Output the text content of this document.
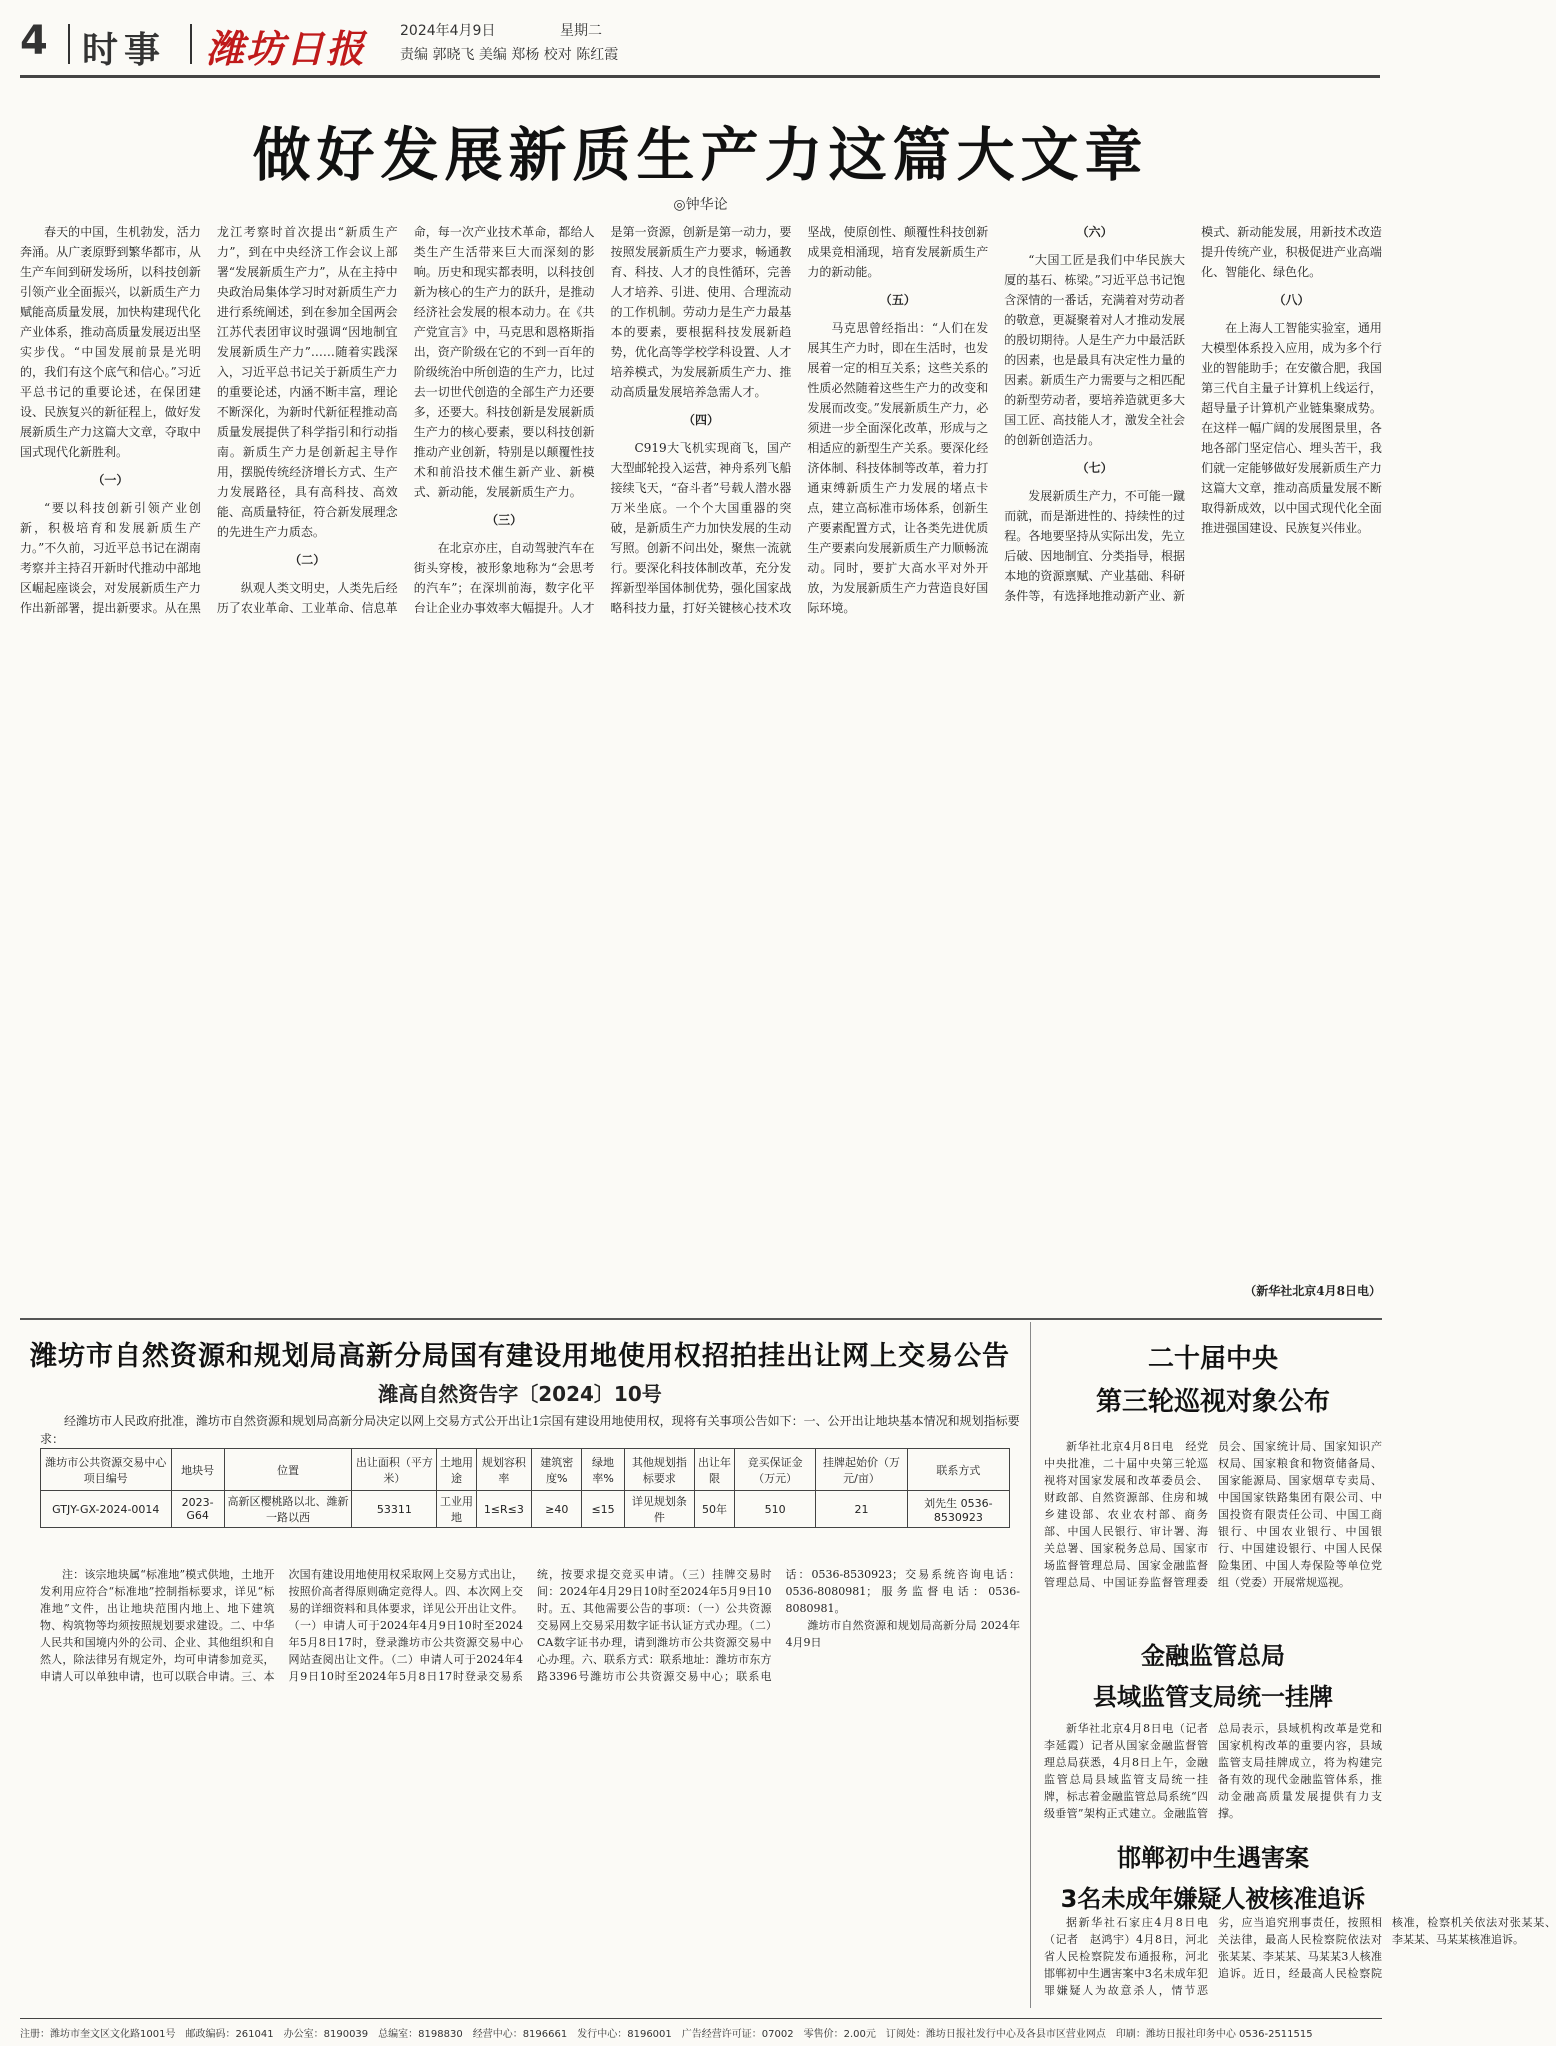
4 时事 潍坊日报 2024年4月9日	星期二
责编 郭晓飞 美编 郑杨 校对 陈红霞
做好发展新质生产力这篇大文章
◎钟华论

春天的中国，生机勃发，活力奔涌。从广袤原野到繁华都市，从生产车间到研发场所，以科技创新引领产业全面振兴，以新质生产力赋能高质量发展，加快构建现代化产业体系，推动高质量发展迈出坚实步伐。“中国发展前景是光明的，我们有这个底气和信心。”习近平总书记的重要论述，在保团建设、民族复兴的新征程上，做好发展新质生产力这篇大文章，夺取中国式现代化新胜利。

（一）

“要以科技创新引领产业创新，积极培育和发展新质生产力。”不久前，习近平总书记在湖南考察并主持召开新时代推动中部地区崛起座谈会，对发展新质生产力作出新部署，提出新要求。从在黑龙江考察时首次提出“新质生产力”，到在中央经济工作会议上部署“发展新质生产力”，从在主持中央政治局集体学习时对新质生产力进行系统阐述，到在参加全国两会江苏代表团审议时强调“因地制宜发展新质生产力”……随着实践深入，习近平总书记关于新质生产力的重要论述，内涵不断丰富，理论不断深化，为新时代新征程推动高质量发展提供了科学指引和行动指南。新质生产力是创新起主导作用，摆脱传统经济增长方式、生产力发展路径，具有高科技、高效能、高质量特征，符合新发展理念的先进生产力质态。

（二）

纵观人类文明史，人类先后经历了农业革命、工业革命、信息革命，每一次产业技术革命，都给人类生产生活带来巨大而深刻的影响。历史和现实都表明，以科技创新为核心的生产力的跃升，是推动经济社会发展的根本动力。在《共产党宣言》中，马克思和恩格斯指出，资产阶级在它的不到一百年的阶级统治中所创造的生产力，比过去一切世代创造的全部生产力还要多，还要大。科技创新是发展新质生产力的核心要素，要以科技创新推动产业创新，特别是以颠覆性技术和前沿技术催生新产业、新模式、新动能，发展新质生产力。

（三）

在北京亦庄，自动驾驶汽车在街头穿梭，被形象地称为“会思考的汽车”；在深圳前海，数字化平台让企业办事效率大幅提升。人才是第一资源，创新是第一动力，要按照发展新质生产力要求，畅通教育、科技、人才的良性循环，完善人才培养、引进、使用、合理流动的工作机制。劳动力是生产力最基本的要素，要根据科技发展新趋势，优化高等学校学科设置、人才培养模式，为发展新质生产力、推动高质量发展培养急需人才。

（四）

C919大飞机实现商飞，国产大型邮轮投入运营，神舟系列飞船接续飞天，“奋斗者”号载人潜水器万米坐底。一个个大国重器的突破，是新质生产力加快发展的生动写照。创新不问出处，聚焦一流就行。要深化科技体制改革，充分发挥新型举国体制优势，强化国家战略科技力量，打好关键核心技术攻坚战，使原创性、颠覆性科技创新成果竞相涌现，培育发展新质生产力的新动能。

（五）

马克思曾经指出：“人们在发展其生产力时，即在生活时，也发展着一定的相互关系；这些关系的性质必然随着这些生产力的改变和发展而改变。”发展新质生产力，必须进一步全面深化改革，形成与之相适应的新型生产关系。要深化经济体制、科技体制等改革，着力打通束缚新质生产力发展的堵点卡点，建立高标准市场体系，创新生产要素配置方式，让各类先进优质生产要素向发展新质生产力顺畅流动。同时，要扩大高水平对外开放，为发展新质生产力营造良好国际环境。

（六）

“大国工匠是我们中华民族大厦的基石、栋梁。”习近平总书记饱含深情的一番话，充满着对劳动者的敬意，更凝聚着对人才推动发展的殷切期待。人是生产力中最活跃的因素，也是最具有决定性力量的因素。新质生产力需要与之相匹配的新型劳动者，要培养造就更多大国工匠、高技能人才，激发全社会的创新创造活力。

（七）

发展新质生产力，不可能一蹴而就，而是渐进性的、持续性的过程。各地要坚持从实际出发，先立后破、因地制宜、分类指导，根据本地的资源禀赋、产业基础、科研条件等，有选择地推动新产业、新模式、新动能发展，用新技术改造提升传统产业，积极促进产业高端化、智能化、绿色化。

（八）

在上海人工智能实验室，通用大模型体系投入应用，成为多个行业的智能助手；在安徽合肥，我国第三代自主量子计算机上线运行，超导量子计算机产业链集聚成势。在这样一幅广阔的发展图景里，各地各部门坚定信心、埋头苦干，我们就一定能够做好发展新质生产力这篇大文章，推动高质量发展不断取得新成效，以中国式现代化全面推进强国建设、民族复兴伟业。

（新华社北京4月8日电）
潍坊市自然资源和规划局高新分局国有建设用地使用权招拍挂出让网上交易公告
潍高自然资告字〔2024〕10号
经潍坊市人民政府批准，潍坊市自然资源和规划局高新分局决定以网上交易方式公开出让1宗国有建设用地使用权，现将有关事项公告如下：一、公开出让地块基本情况和规划指标要求：
潍坊市公共资源交易中心项目编号	地块号	位置	出让面积（平方米）	土地用途	规划容积率	建筑密度%	绿地率%	其他规划指标要求	出让年限	竞买保证金（万元）	挂牌起始价（万元/亩）	联系方式
GTJY-GX-2024-0014	2023-G64	高新区樱桃路以北、潍新一路以西	53311	工业用地	1≤R≤3	≥40	≤15	详见规划条件	50年	510	21	刘先生 0536-8530923

注：该宗地块属“标准地”模式供地，土地开发利用应符合“标准地”控制指标要求，详见“标准地”文件，出让地块范围内地上、地下建筑物、构筑物等均须按照规划要求建设。二、中华人民共和国境内外的公司、企业、其他组织和自然人，除法律另有规定外，均可申请参加竞买，申请人可以单独申请，也可以联合申请。三、本次国有建设用地使用权采取网上交易方式出让，按照价高者得原则确定竞得人。四、本次网上交易的详细资料和具体要求，详见公开出让文件。（一）申请人可于2024年4月9日10时至2024年5月8日17时，登录潍坊市公共资源交易中心网站查阅出让文件。（二）申请人可于2024年4月9日10时至2024年5月8日17时登录交易系统，按要求提交竞买申请。（三）挂牌交易时间：2024年4月29日10时至2024年5月9日10时。五、其他需要公告的事项：（一）公共资源交易网上交易采用数字证书认证方式办理。（二）CA数字证书办理，请到潍坊市公共资源交易中心办理。六、联系方式：联系地址：潍坊市东方路3396号潍坊市公共资源交易中心；联系电话：0536-8530923；交易系统咨询电话：0536-8080981；服务监督电话：0536-8080981。

潍坊市自然资源和规划局高新分局 2024年4月9日

二十届中央
第三轮巡视对象公布
新华社北京4月8日电　经党中央批准，二十届中央第三轮巡视将对国家发展和改革委员会、财政部、自然资源部、住房和城乡建设部、农业农村部、商务部、中国人民银行、审计署、海关总署、国家税务总局、国家市场监督管理总局、国家金融监督管理总局、中国证券监督管理委员会、国家统计局、国家知识产权局、国家粮食和物资储备局、国家能源局、国家烟草专卖局、中国国家铁路集团有限公司、中国投资有限责任公司、中国工商银行、中国农业银行、中国银行、中国建设银行、中国人民保险集团、中国人寿保险等单位党组（党委）开展常规巡视。
金融监管总局
县域监管支局统一挂牌
新华社北京4月8日电（记者　李延霞）记者从国家金融监督管理总局获悉，4月8日上午，金融监管总局县域监管支局统一挂牌，标志着金融监管总局系统“四级垂管”架构正式建立。金融监管总局表示，县域机构改革是党和国家机构改革的重要内容，县域监管支局挂牌成立，将为构建完备有效的现代金融监管体系，推动金融高质量发展提供有力支撑。
邯郸初中生遇害案
3名未成年嫌疑人被核准追诉
据新华社石家庄4月8日电（记者　赵鸿宇）4月8日，河北省人民检察院发布通报称，河北邯郸初中生遇害案中3名未成年犯罪嫌疑人为故意杀人，情节恶劣，应当追究刑事责任，按照相关法律，最高人民检察院依法对张某某、李某某、马某某3人核准追诉。近日，经最高人民检察院核准，检察机关依法对张某某、李某某、马某某核准追诉。
注册：潍坊市奎文区文化路1001号　邮政编码：261041　办公室：8190039　总编室：8198830　经营中心：8196661　发行中心：8196001　广告经营许可证：07002　零售价：2.00元　订阅处：潍坊日报社发行中心及各县市区营业网点　印刷：潍坊日报社印务中心 0536-2511515
